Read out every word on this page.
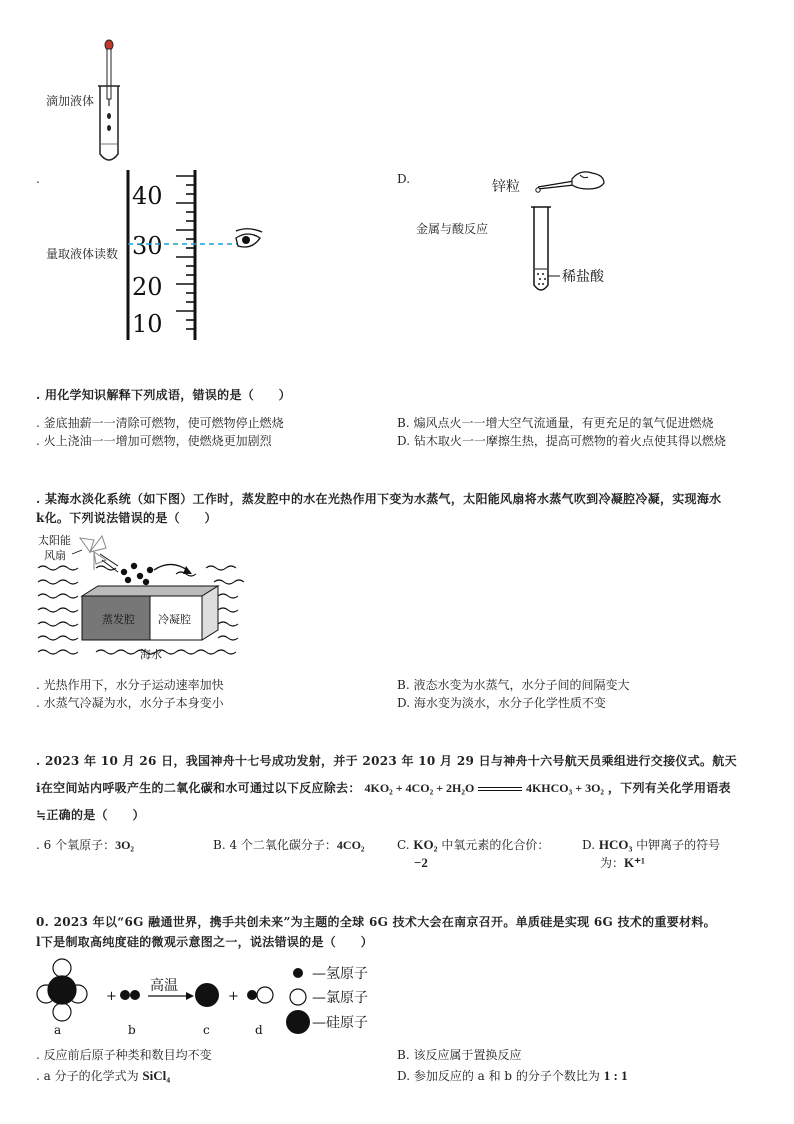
滴加液体
.
40
30
20
10
量取液体读数
D.
金属与酸反应
锌粒
稀盐酸
. 用化学知识解释下列成语，错误的是（　　）
. 釜底抽薪一一清除可燃物，使可燃物停止燃烧	B. 煽风点火一一增大空气流通量，有更充足的氧气促进燃烧
. 火上浇油一一增加可燃物，使燃烧更加剧烈	D. 钻木取火一一摩擦生热，提高可燃物的着火点使其得以燃烧
. 某海水淡化系统（如下图）工作时，蒸发腔中的水在光热作用下变为水蒸气，太阳能风扇将水蒸气吹到冷凝腔冷凝，实现海水
k化。下列说法错误的是（　　）
太阳能
风扇
蒸发腔 冷凝腔
海水
. 光热作用下，水分子运动速率加快	B. 液态水变为水蒸气，水分子间的间隔变大
. 水蒸气冷凝为水，水分子本身变小	D. 海水变为淡水，水分子化学性质不变
. 2023 年 10 月 26 日，我国神舟十七号成功发射，并于 2023 年 10 月 29 日与神舟十六号航天员乘组进行交接仪式。航天
i在空间站内呼吸产生的二氧化碳和水可通过以下反应除去： 4KO₂ + 4CO₂ + 2H₂O	4KHCO₃ + 3O₂ ，下列有关化学用语表
≒正确的是（　　）
. 6 个氧原子：3O₂	B. 4 个二氧化碳分子：4CO₂	C. KO₂ 中氧元素的化合价：
−2
D. HCO₃ 中钾离子的符号
为：K⁺¹
0. 2023 年以“6G 融通世界，携手共创未来”为主题的全球 6G 技术大会在南京召开。单质硅是实现 6G 技术的重要材料。
l下是制取高纯度硅的微观示意图之一，说法错误的是（　　）
+
高温
+
a	b	c	d
—氢原子
—氯原子
—硅原子
. 反应前后原子种类和数目均不变	B. 该反应属于置换反应
. a 分子的化学式为 SiCl₄	D. 参加反应的 a 和 b 的分子个数比为 1 : 1
